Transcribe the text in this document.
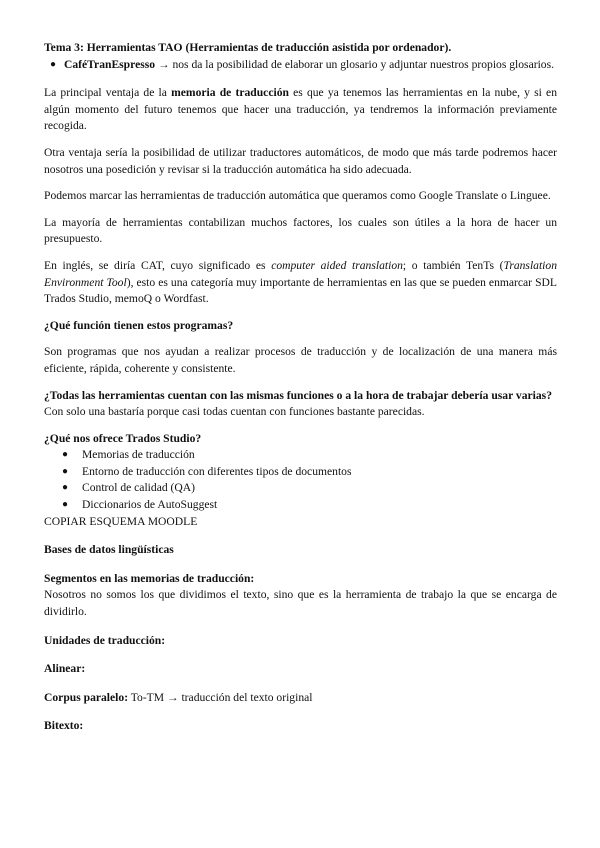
Tema 3: Herramientas TAO (Herramientas de traducción asistida por ordenador).

● CaféTranEspresso → nos da la posibilidad de elaborar un glosario y adjuntar nuestros propios glosarios.

La principal ventaja de la memoria de traducción es que ya tenemos las herramientas en la nube, y si en algún momento del futuro tenemos que hacer una traducción, ya tendremos la información previamente recogida.

Otra ventaja sería la posibilidad de utilizar traductores automáticos, de modo que más tarde podremos hacer nosotros una posedición y revisar si la traducción automática ha sido adecuada.

Podemos marcar las herramientas de traducción automática que queramos como Google Translate o Linguee.

La mayoría de herramientas contabilizan muchos factores, los cuales son útiles a la hora de hacer un presupuesto.

En inglés, se diría CAT, cuyo significado es computer aided translation; o también TenTs (Translation Environment Tool), esto es una categoría muy importante de herramientas en las que se pueden enmarcar SDL Trados Studio, memoQ o Wordfast.

¿Qué función tienen estos programas?

Son programas que nos ayudan a realizar procesos de traducción y de localización de una manera más eficiente, rápida, coherente y consistente.

¿Todas las herramientas cuentan con las mismas funciones o a la hora de trabajar debería usar varias?

Con solo una bastaría porque casi todas cuentan con funciones bastante parecidas.

¿Qué nos ofrece Trados Studio?

● Memorias de traducción
● Entorno de traducción con diferentes tipos de documentos
● Control de calidad (QA)
● Diccionarios de AutoSuggest

COPIAR ESQUEMA MOODLE

Bases de datos lingüísticas

Segmentos en las memorias de traducción:

Nosotros no somos los que dividimos el texto, sino que es la herramienta de trabajo la que se encarga de dividirlo.

Unidades de traducción:

Alinear:

Corpus paralelo: To-TM → traducción del texto original

Bitexto:
